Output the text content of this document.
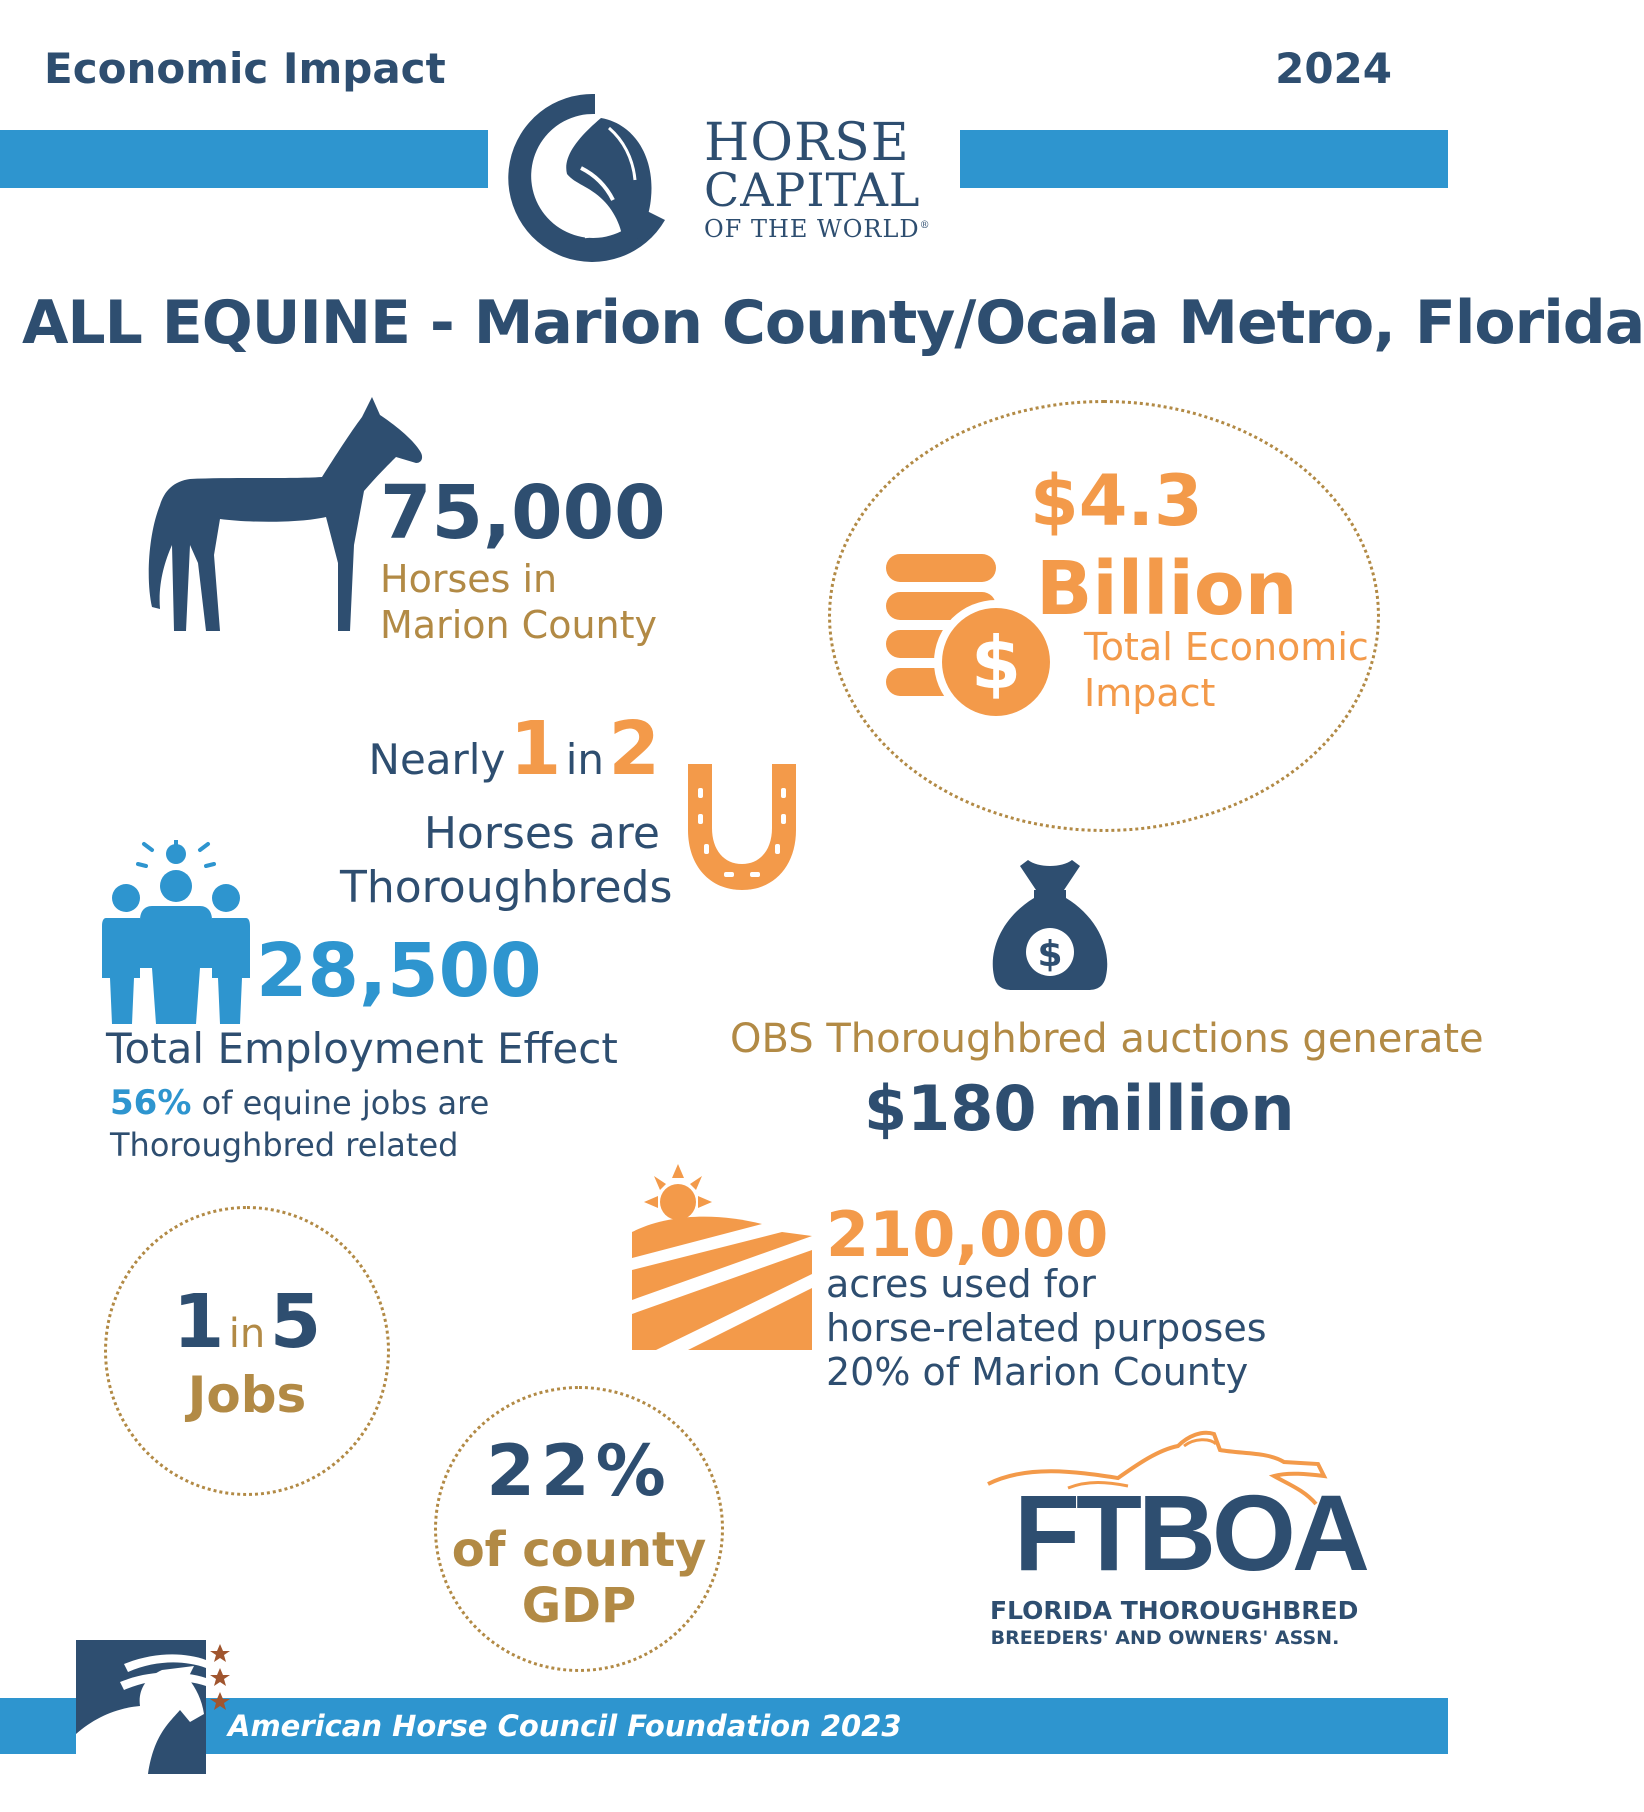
Economic Impact	2024
HORSE
CAPITAL
OF THE WORLD®
ALL EQUINE - Marion County/Ocala Metro, Florida
75,000
Horses in
Marion County
$4.3
$
Billion
Total Economic
Impact
Nearly 1 in 2
Horses are
Thoroughbreds
28,500
Total Employment Effect
56% of equine jobs are
Thoroughbred related
$
OBS Thoroughbred auctions generate
$180 million
210,000
acres used for
horse-related purposes
20% of Marion County
1 in 5
Jobs
22%
of county
GDP
FTBOA
FLORIDA THOROUGHBRED
BREEDERS' AND OWNERS' ASSN.
American Horse Council Foundation 2023
